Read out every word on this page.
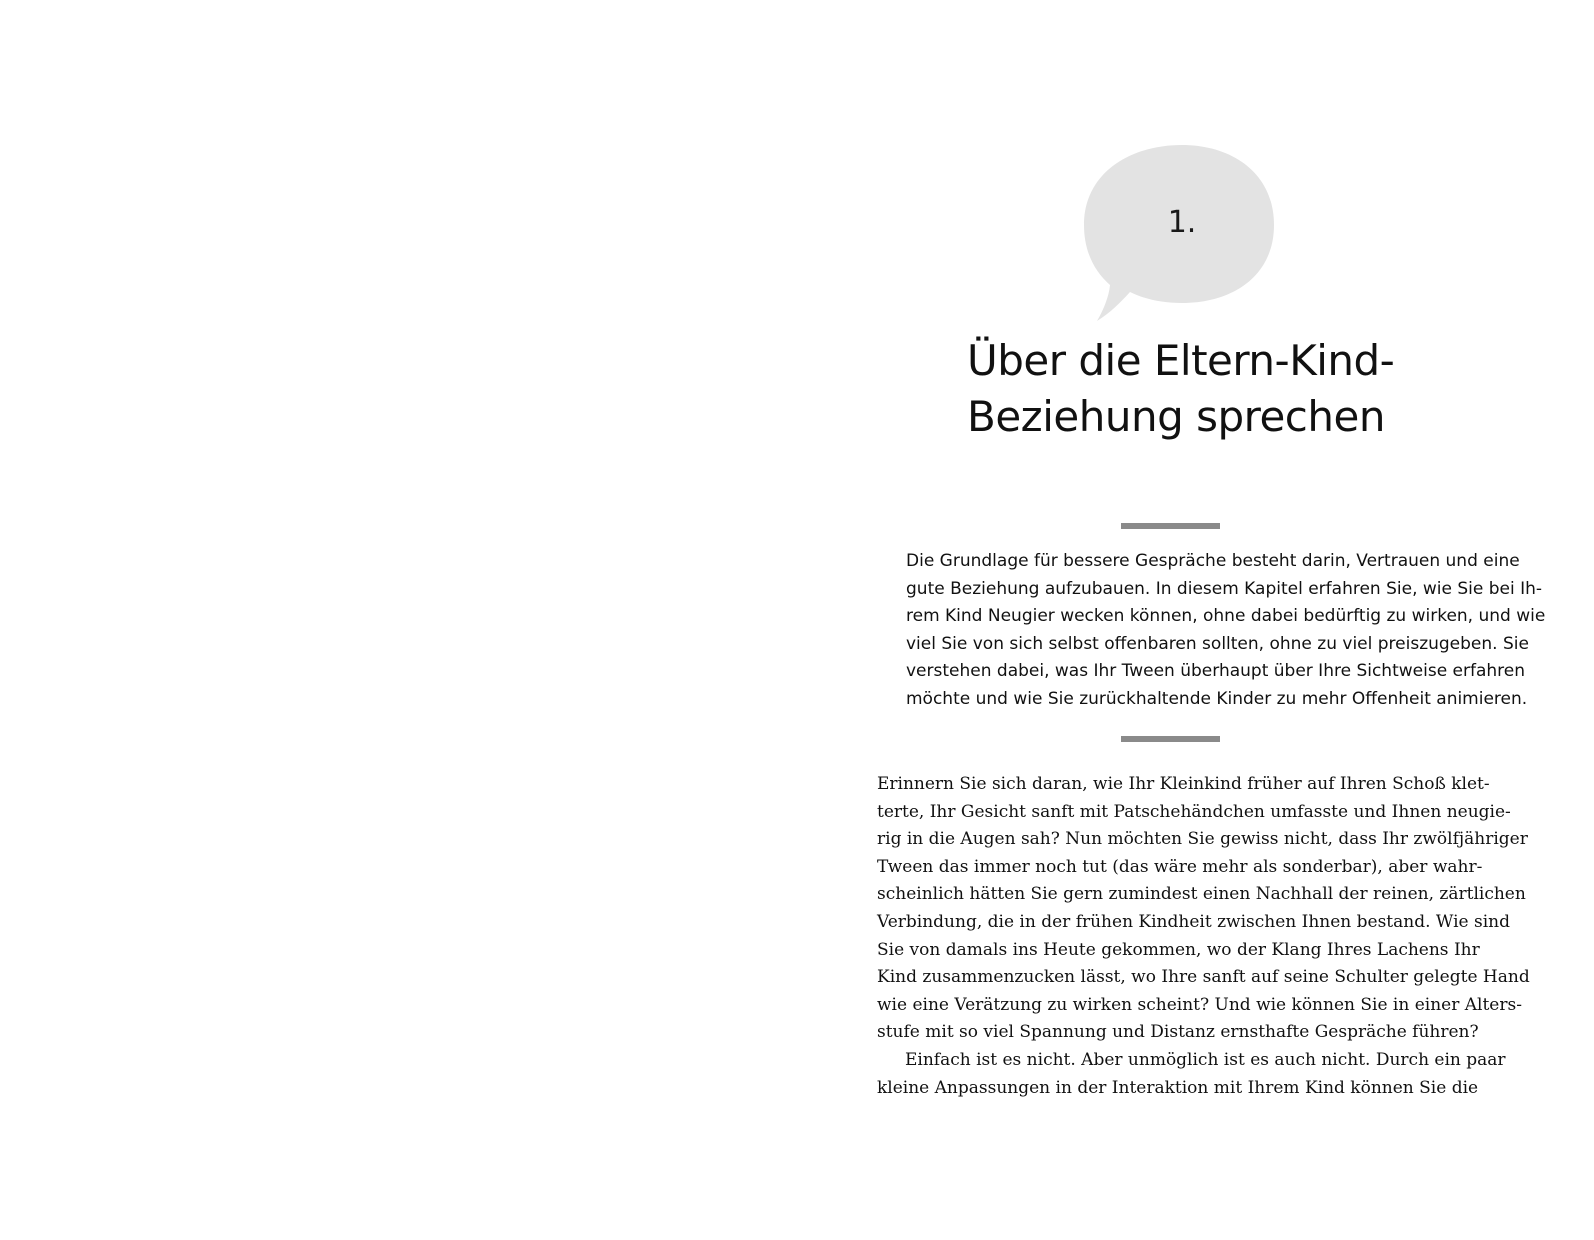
1.
Über die Eltern-Kind-
Beziehung sprechen
Die Grundlage für bessere Gespräche besteht darin, Vertrauen und eine
gute Beziehung aufzubauen. In diesem Kapitel erfahren Sie, wie Sie bei Ih-
rem Kind Neugier wecken können, ohne dabei bedürftig zu wirken, und wie
viel Sie von sich selbst offenbaren sollten, ohne zu viel preiszugeben. Sie
verstehen dabei, was Ihr Tween überhaupt über Ihre Sichtweise erfahren
möchte und wie Sie zurückhaltende Kinder zu mehr Offenheit animieren.

Erinnern Sie sich daran, wie Ihr Kleinkind früher auf Ihren Schoß klet-
terte, Ihr Gesicht sanft mit Patschehändchen umfasste und Ihnen neugie-
rig in die Augen sah? Nun möchten Sie gewiss nicht, dass Ihr zwölfjähriger
Tween das immer noch tut (das wäre mehr als sonderbar), aber wahr-
scheinlich hätten Sie gern zumindest einen Nachhall der reinen, zärtlichen
Verbindung, die in der frühen Kindheit zwischen Ihnen bestand. Wie sind
Sie von damals ins Heute gekommen, wo der Klang Ihres Lachens Ihr
Kind zusammenzucken lässt, wo Ihre sanft auf seine Schulter gelegte Hand
wie eine Verätzung zu wirken scheint? Und wie können Sie in einer Alters-
stufe mit so viel Spannung und Distanz ernsthafte Gespräche führen?

Einfach ist es nicht. Aber unmöglich ist es auch nicht. Durch ein paar
kleine Anpassungen in der Interaktion mit Ihrem Kind können Sie die
